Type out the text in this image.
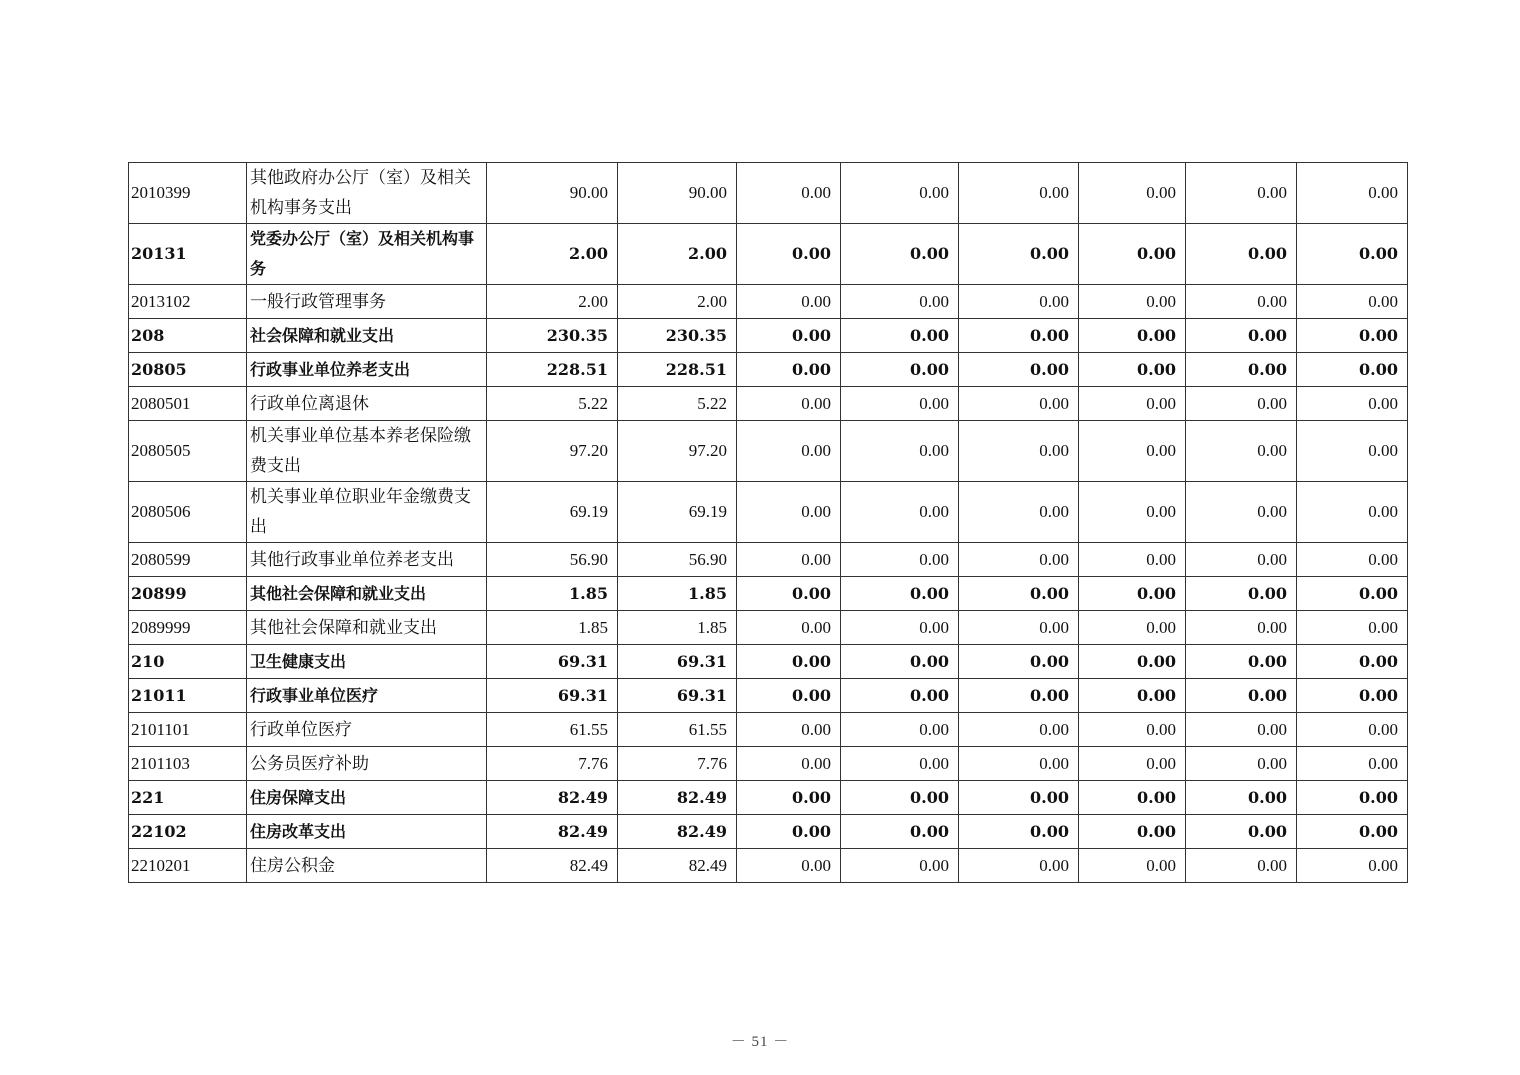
2010399	其他政府办公厅（室）及相关机构事务支出	90.00	90.00	0.00	0.00	0.00	0.00	0.00	0.00
20131	党委办公厅（室）及相关机构事务	2.00	2.00	0.00	0.00	0.00	0.00	0.00	0.00
2013102	一般行政管理事务	2.00	2.00	0.00	0.00	0.00	0.00	0.00	0.00
208	社会保障和就业支出	230.35	230.35	0.00	0.00	0.00	0.00	0.00	0.00
20805	行政事业单位养老支出	228.51	228.51	0.00	0.00	0.00	0.00	0.00	0.00
2080501	行政单位离退休	5.22	5.22	0.00	0.00	0.00	0.00	0.00	0.00
2080505	机关事业单位基本养老保险缴费支出	97.20	97.20	0.00	0.00	0.00	0.00	0.00	0.00
2080506	机关事业单位职业年金缴费支出	69.19	69.19	0.00	0.00	0.00	0.00	0.00	0.00
2080599	其他行政事业单位养老支出	56.90	56.90	0.00	0.00	0.00	0.00	0.00	0.00
20899	其他社会保障和就业支出	1.85	1.85	0.00	0.00	0.00	0.00	0.00	0.00
2089999	其他社会保障和就业支出	1.85	1.85	0.00	0.00	0.00	0.00	0.00	0.00
210	卫生健康支出	69.31	69.31	0.00	0.00	0.00	0.00	0.00	0.00
21011	行政事业单位医疗	69.31	69.31	0.00	0.00	0.00	0.00	0.00	0.00
2101101	行政单位医疗	61.55	61.55	0.00	0.00	0.00	0.00	0.00	0.00
2101103	公务员医疗补助	7.76	7.76	0.00	0.00	0.00	0.00	0.00	0.00
221	住房保障支出	82.49	82.49	0.00	0.00	0.00	0.00	0.00	0.00
22102	住房改革支出	82.49	82.49	0.00	0.00	0.00	0.00	0.00	0.00
2210201	住房公积金	82.49	82.49	0.00	0.00	0.00	0.00	0.00	0.00
－ 51 －
